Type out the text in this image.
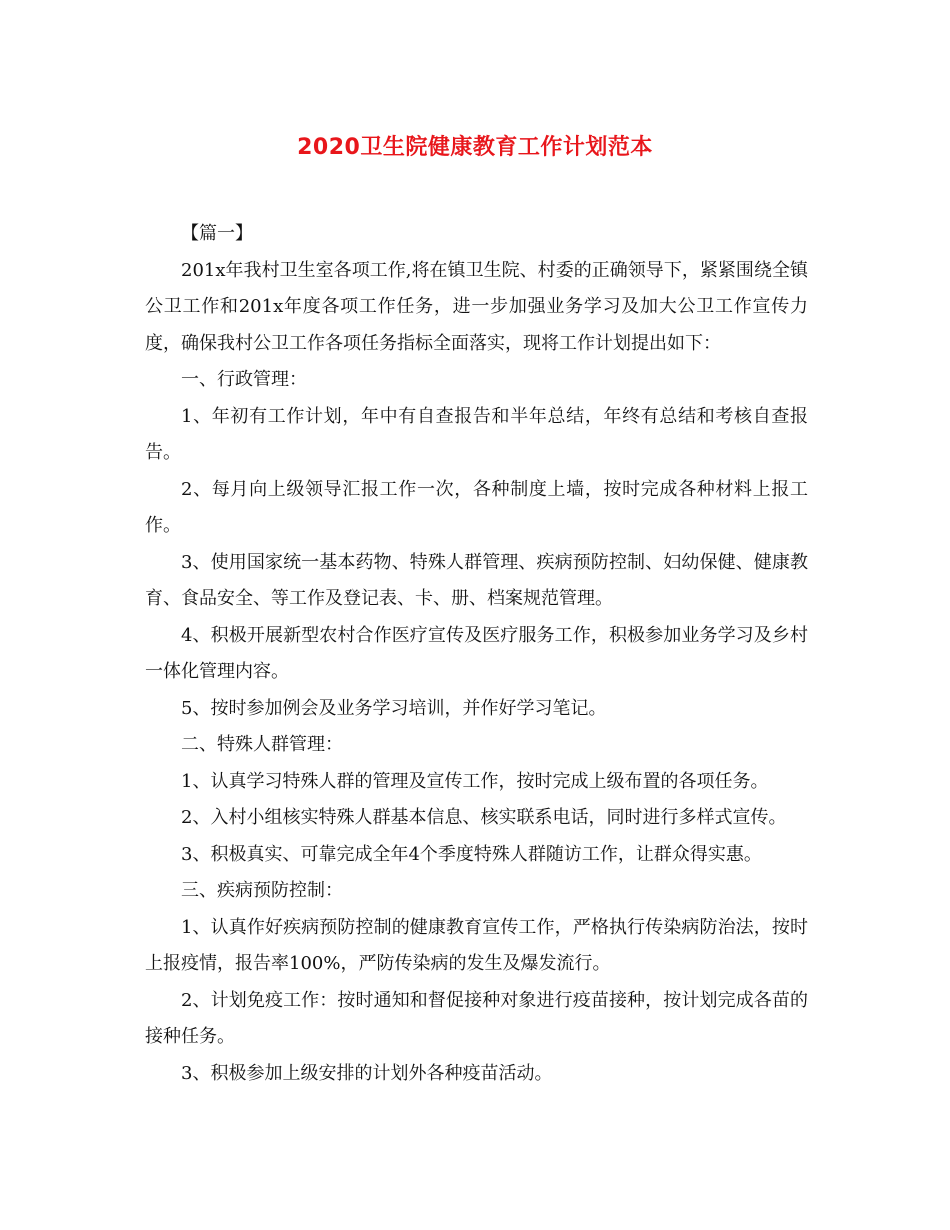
2020卫生院健康教育工作计划范本

【篇一】

201x年我村卫生室各项工作,将在镇卫生院、村委的正确领导下，紧紧围绕全镇公卫工作和201x年度各项工作任务，进一步加强业务学习及加大公卫工作宣传力度，确保我村公卫工作各项任务指标全面落实，现将工作计划提出如下：

一、行政管理：

1、年初有工作计划，年中有自查报告和半年总结，年终有总结和考核自查报告。

2、每月向上级领导汇报工作一次，各种制度上墙，按时完成各种材料上报工作。

3、使用国家统一基本药物、特殊人群管理、疾病预防控制、妇幼保健、健康教育、食品安全、等工作及登记表、卡、册、档案规范管理。

4、积极开展新型农村合作医疗宣传及医疗服务工作，积极参加业务学习及乡村一体化管理内容。

5、按时参加例会及业务学习培训，并作好学习笔记。

二、特殊人群管理：

1、认真学习特殊人群的管理及宣传工作，按时完成上级布置的各项任务。

2、入村小组核实特殊人群基本信息、核实联系电话，同时进行多样式宣传。

3、积极真实、可靠完成全年4个季度特殊人群随访工作，让群众得实惠。

三、疾病预防控制：

1、认真作好疾病预防控制的健康教育宣传工作，严格执行传染病防治法，按时上报疫情，报告率100%，严防传染病的发生及爆发流行。

2、计划免疫工作：按时通知和督促接种对象进行疫苗接种，按计划完成各苗的接种任务。

3、积极参加上级安排的计划外各种疫苗活动。
